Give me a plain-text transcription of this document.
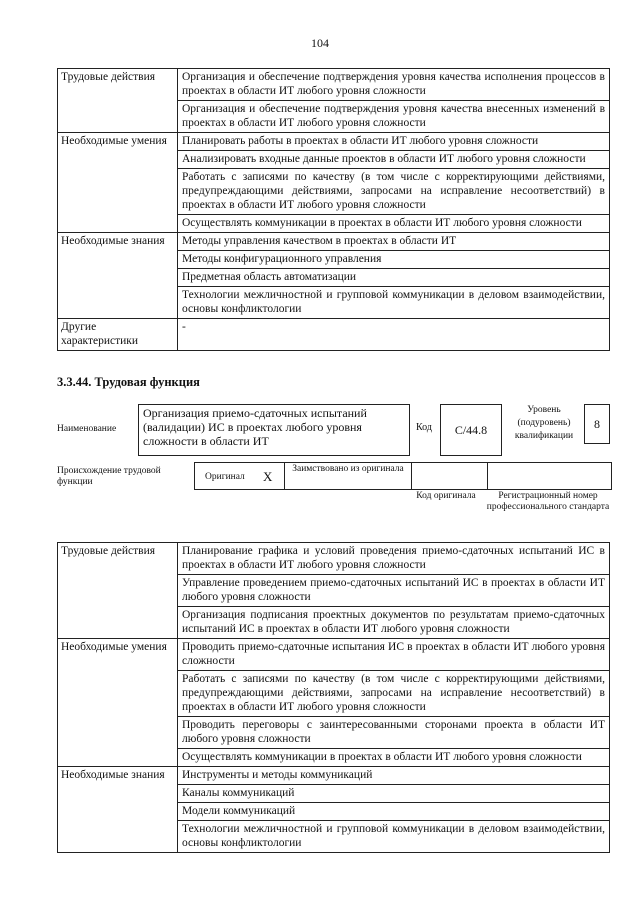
104
Трудовые действия	Организация и обеспечение подтверждения уровня качества исполнения процессов в проектах в области ИТ любого уровня сложности
	Организация и обеспечение подтверждения уровня качества внесенных изменений в проектах в области ИТ любого уровня сложности
Необходимые умения	Планировать работы в проектах в области ИТ любого уровня сложности
	Анализировать входные данные проектов в области ИТ любого уровня сложности
	Работать с записями по качеству (в том числе с корректирующими действиями, предупреждающими действиями, запросами на исправление несоответствий) в проектах в области ИТ любого уровня сложности
	Осуществлять коммуникации в проектах в области ИТ любого уровня сложности
Необходимые знания	Методы управления качеством в проектах в области ИТ
	Методы конфигурационного управления
	Предметная область автоматизации
	Технологии межличностной и групповой коммуникации в деловом взаимодействии, основы конфликтологии
Другие характеристики	-
3.3.44. Трудовая функция
Наименование
Организация приемо-сдаточных испытаний (валидации) ИС в проектах любого уровня сложности в области ИТ
Код	C/44.8
Уровень (подуровень) квалификации
8
Происхождение трудовой функции	Оригинал X	Заимствовано из оригинала
Код оригинала	Регистрационный номер профессионального стандарта
Трудовые действия	Планирование графика и условий проведения приемо-сдаточных испытаний ИС в проектах в области ИТ любого уровня сложности
	Управление проведением приемо-сдаточных испытаний ИС в проектах в области ИТ любого уровня сложности
	Организация подписания проектных документов по результатам приемо-сдаточных испытаний ИС в проектах в области ИТ любого уровня сложности
Необходимые умения	Проводить приемо-сдаточные испытания ИС в проектах в области ИТ любого уровня сложности
	Работать с записями по качеству (в том числе с корректирующими действиями, предупреждающими действиями, запросами на исправление несоответствий) в проектах в области ИТ любого уровня сложности
	Проводить переговоры с заинтересованными сторонами проекта в области ИТ любого уровня сложности
	Осуществлять коммуникации в проектах в области ИТ любого уровня сложности
Необходимые знания	Инструменты и методы коммуникаций
	Каналы коммуникаций
	Модели коммуникаций
	Технологии межличностной и групповой коммуникации в деловом взаимодействии, основы конфликтологии
